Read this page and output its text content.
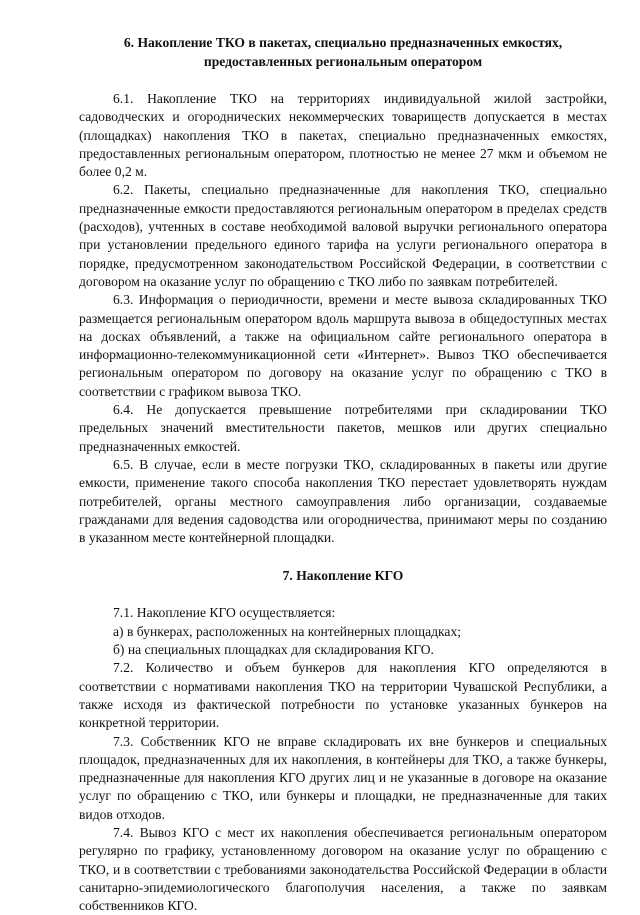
6. Накопление ТКО в пакетах, специально предназначенных емкостях,
предоставленных региональным оператором

6.1. Накопление ТКО на территориях индивидуальной жилой застройки, садоводческих и огороднических некоммерческих товариществ допускается в местах (площадках) накопления ТКО в пакетах, специально предназначенных емкостях, предоставленных региональным оператором, плотностью не менее 27 мкм и объемом не более 0,2 м.

6.2. Пакеты, специально предназначенные для накопления ТКО, специально предназначенные емкости предоставляются региональным оператором в пределах средств (расходов), учтенных в составе необходимой валовой выручки регионального оператора при установлении предельного единого тарифа на услуги регионального оператора в порядке, предусмотренном законодательством Российской Федерации, в соответствии с договором на оказание услуг по обращению с ТКО либо по заявкам потребителей.

6.3. Информация о периодичности, времени и месте вывоза складированных ТКО размещается региональным оператором вдоль маршрута вывоза в общедоступных местах на досках объявлений, а также на официальном сайте регионального оператора в информационно-телекоммуникационной сети «Интернет». Вывоз ТКО обеспечивается региональным оператором по договору на оказание услуг по обращению с ТКО в соответствии с графиком вывоза ТКО.

6.4. Не допускается превышение потребителями при складировании ТКО предельных значений вместительности пакетов, мешков или других специально предназначенных емкостей.

6.5. В случае, если в месте погрузки ТКО, складированных в пакеты или другие емкости, применение такого способа накопления ТКО перестает удовлетворять нуждам потребителей, органы местного самоуправления либо организации, создаваемые гражданами для ведения садоводства или огородничества, принимают меры по созданию в указанном месте контейнерной площадки.

7. Накопление КГО

7.1. Накопление КГО осуществляется:

а) в бункерах, расположенных на контейнерных площадках;

б) на специальных площадках для складирования КГО.

7.2. Количество и объем бункеров для накопления КГО определяются в соответствии с нормативами накопления ТКО на территории Чувашской Республики, а также исходя из фактической потребности по установке указанных бункеров на конкретной территории.

7.3. Собственник КГО не вправе складировать их вне бункеров и специальных площадок, предназначенных для их накопления, в контейнеры для ТКО, а также бункеры, предназначенные для накопления КГО других лиц и не указанные в договоре на оказание услуг по обращению с ТКО, или бункеры и площадки, не предназначенные для таких видов отходов.

7.4. Вывоз КГО с мест их накопления обеспечивается региональным оператором регулярно по графику, установленному договором на оказание услуг по обращению с ТКО, и в соответствии с требованиями законодательства Российской Федерации в области санитарно-эпидемиологического благополучия населения, а также по заявкам собственников КГО.
